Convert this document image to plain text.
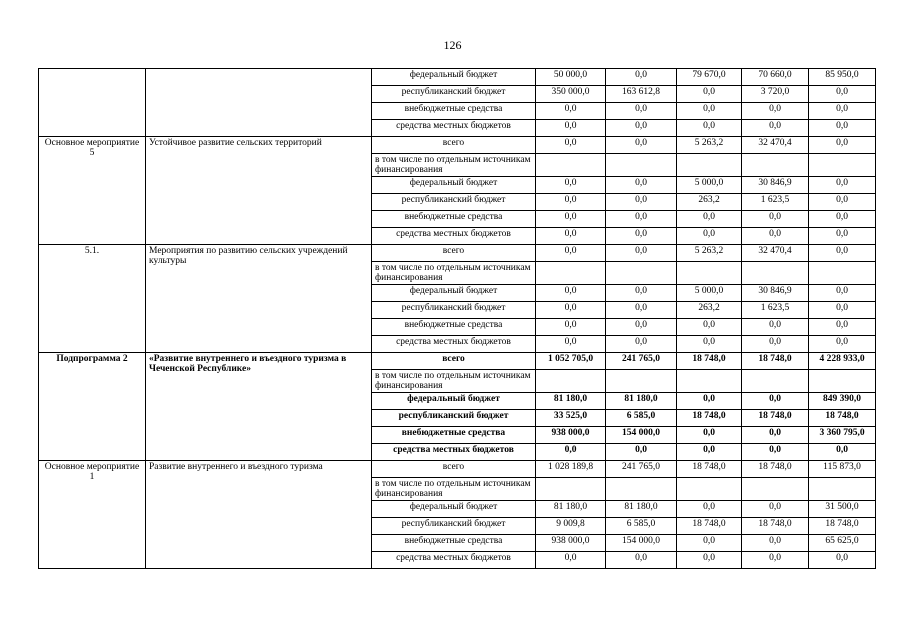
126
		федеральный бюджет	50 000,0	0,0	79 670,0	70 660,0	85 950,0
		республиканский бюджет	350 000,0	163 612,8	0,0	3 720,0	0,0
		внебюджетные средства	0,0	0,0	0,0	0,0	0,0
		средства местных бюджетов	0,0	0,0	0,0	0,0	0,0
Основное мероприятие 5	Устойчивое развитие сельских территорий	всего	0,0	0,0	5 263,2	32 470,4	0,0
		в том числе по отдельным источникам финансирования					
		федеральный бюджет	0,0	0,0	5 000,0	30 846,9	0,0
		республиканский бюджет	0,0	0,0	263,2	1 623,5	0,0
		внебюджетные средства	0,0	0,0	0,0	0,0	0,0
		средства местных бюджетов	0,0	0,0	0,0	0,0	0,0
5.1.	Мероприятия по развитию сельских учреждений культуры	всего	0,0	0,0	5 263,2	32 470,4	0,0
		в том числе по отдельным источникам финансирования					
		федеральный бюджет	0,0	0,0	5 000,0	30 846,9	0,0
		республиканский бюджет	0,0	0,0	263,2	1 623,5	0,0
		внебюджетные средства	0,0	0,0	0,0	0,0	0,0
		средства местных бюджетов	0,0	0,0	0,0	0,0	0,0
Подпрограмма 2	«Развитие внутреннего и въездного туризма в Чеченской Республике»	всего	1 052 705,0	241 765,0	18 748,0	18 748,0	4 228 933,0
		в том числе по отдельным источникам финансирования					
		федеральный бюджет	81 180,0	81 180,0	0,0	0,0	849 390,0
		республиканский бюджет	33 525,0	6 585,0	18 748,0	18 748,0	18 748,0
		внебюджетные средства	938 000,0	154 000,0	0,0	0,0	3 360 795,0
		средства местных бюджетов	0,0	0,0	0,0	0,0	0,0
Основное мероприятие 1	Развитие внутреннего и въездного туризма	всего	1 028 189,8	241 765,0	18 748,0	18 748,0	115 873,0
		в том числе по отдельным источникам финансирования					
		федеральный бюджет	81 180,0	81 180,0	0,0	0,0	31 500,0
		республиканский бюджет	9 009,8	6 585,0	18 748,0	18 748,0	18 748,0
		внебюджетные средства	938 000,0	154 000,0	0,0	0,0	65 625,0
		средства местных бюджетов	0,0	0,0	0,0	0,0	0,0
